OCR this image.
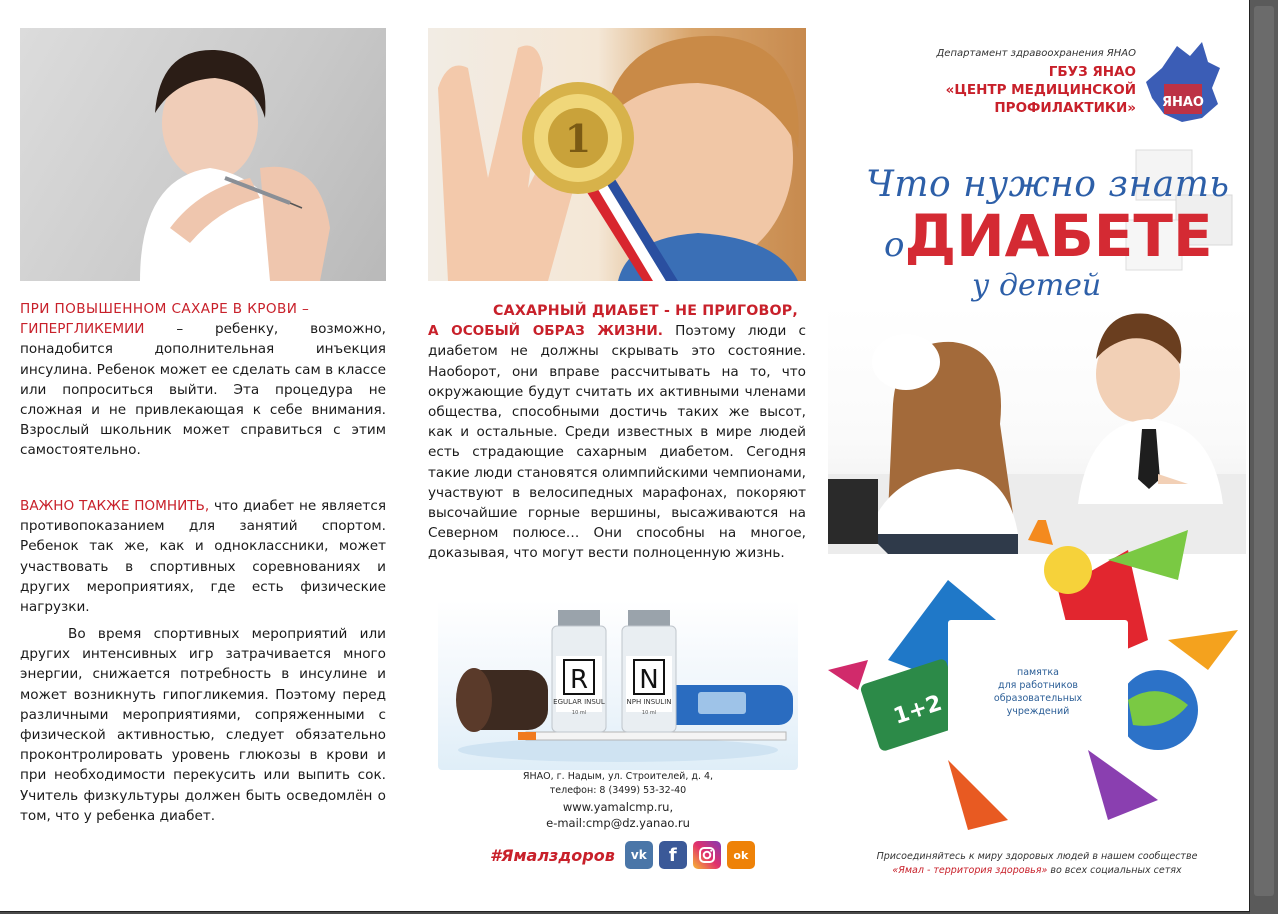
ПРИ ПОВЫШЕННОМ САХАРЕ В КРОВИ –
ГИПЕРГЛИКЕМИИ – ребенку, возможно, понадобится дополнительная инъекция инсулина. Ребенок может ее сделать сам в классе или попроситься выйти. Эта процедура не сложная и не привлекающая к себе внимания. Взрослый школьник может справиться с этим самостоятельно.
ВАЖНО ТАКЖЕ ПОМНИТЬ, что диабет не является противопоказанием для занятий спортом. Ребенок так же, как и одноклассники, может участвовать в спортивных соревнованиях и других мероприятиях, где есть физические нагрузки.
Во время спортивных мероприятий или других интенсивных игр затрачивается много энергии, снижается потребность в инсулине и может возникнуть гипогликемия. Поэтому перед различными мероприятиями, сопряженными с физической активностью, следует обязательно проконтролировать уровень глюкозы в крови и при необходимости перекусить или выпить сок. Учитель физкультуры должен быть осведомлён о том, что у ребенка диабет.
1
САХАРНЫЙ ДИАБЕТ - НЕ ПРИГОВОР,
А ОСОБЫЙ ОБРАЗ ЖИЗНИ. Поэтому люди с диабетом не должны скрывать это состояние. Наоборот, они вправе рассчитывать на то, что окружающие будут считать их активными членами общества, способными достичь таких же высот, как и остальные. Среди известных в мире людей есть страдающие сахарным диабетом. Сегодня такие люди становятся олимпийскими чемпионами, участвуют в велосипедных марафонах, покоряют высочайшие горные вершины, высаживаются на Северном полюсе… Они способны на многое, доказывая, что могут вести полноценную жизнь.
R
EGULAR INSUL
10 ml
N
NPH INSULIN
10 ml
ЯНАО, г. Надым, ул. Строителей, д. 4,
телефон: 8 (3499) 53-32-40
www.yamalcmp.ru,
e-mail:cmp@dz.yanao.ru
#Ямалздоров	vk	f	ok
Департамент здравоохранения ЯНАО
ГБУЗ ЯНАО
«ЦЕНТР МЕДИЦИНСКОЙ
ПРОФИЛАКТИКИ» ЯНАО
Что нужно знать
оДИАБЕТЕ
у детей
1+2
памятка
для работников
образовательных
учреждений
Присоединяйтесь к миру здоровых людей в нашем сообществе
«Ямал - территория здоровья» во всех социальных сетях
